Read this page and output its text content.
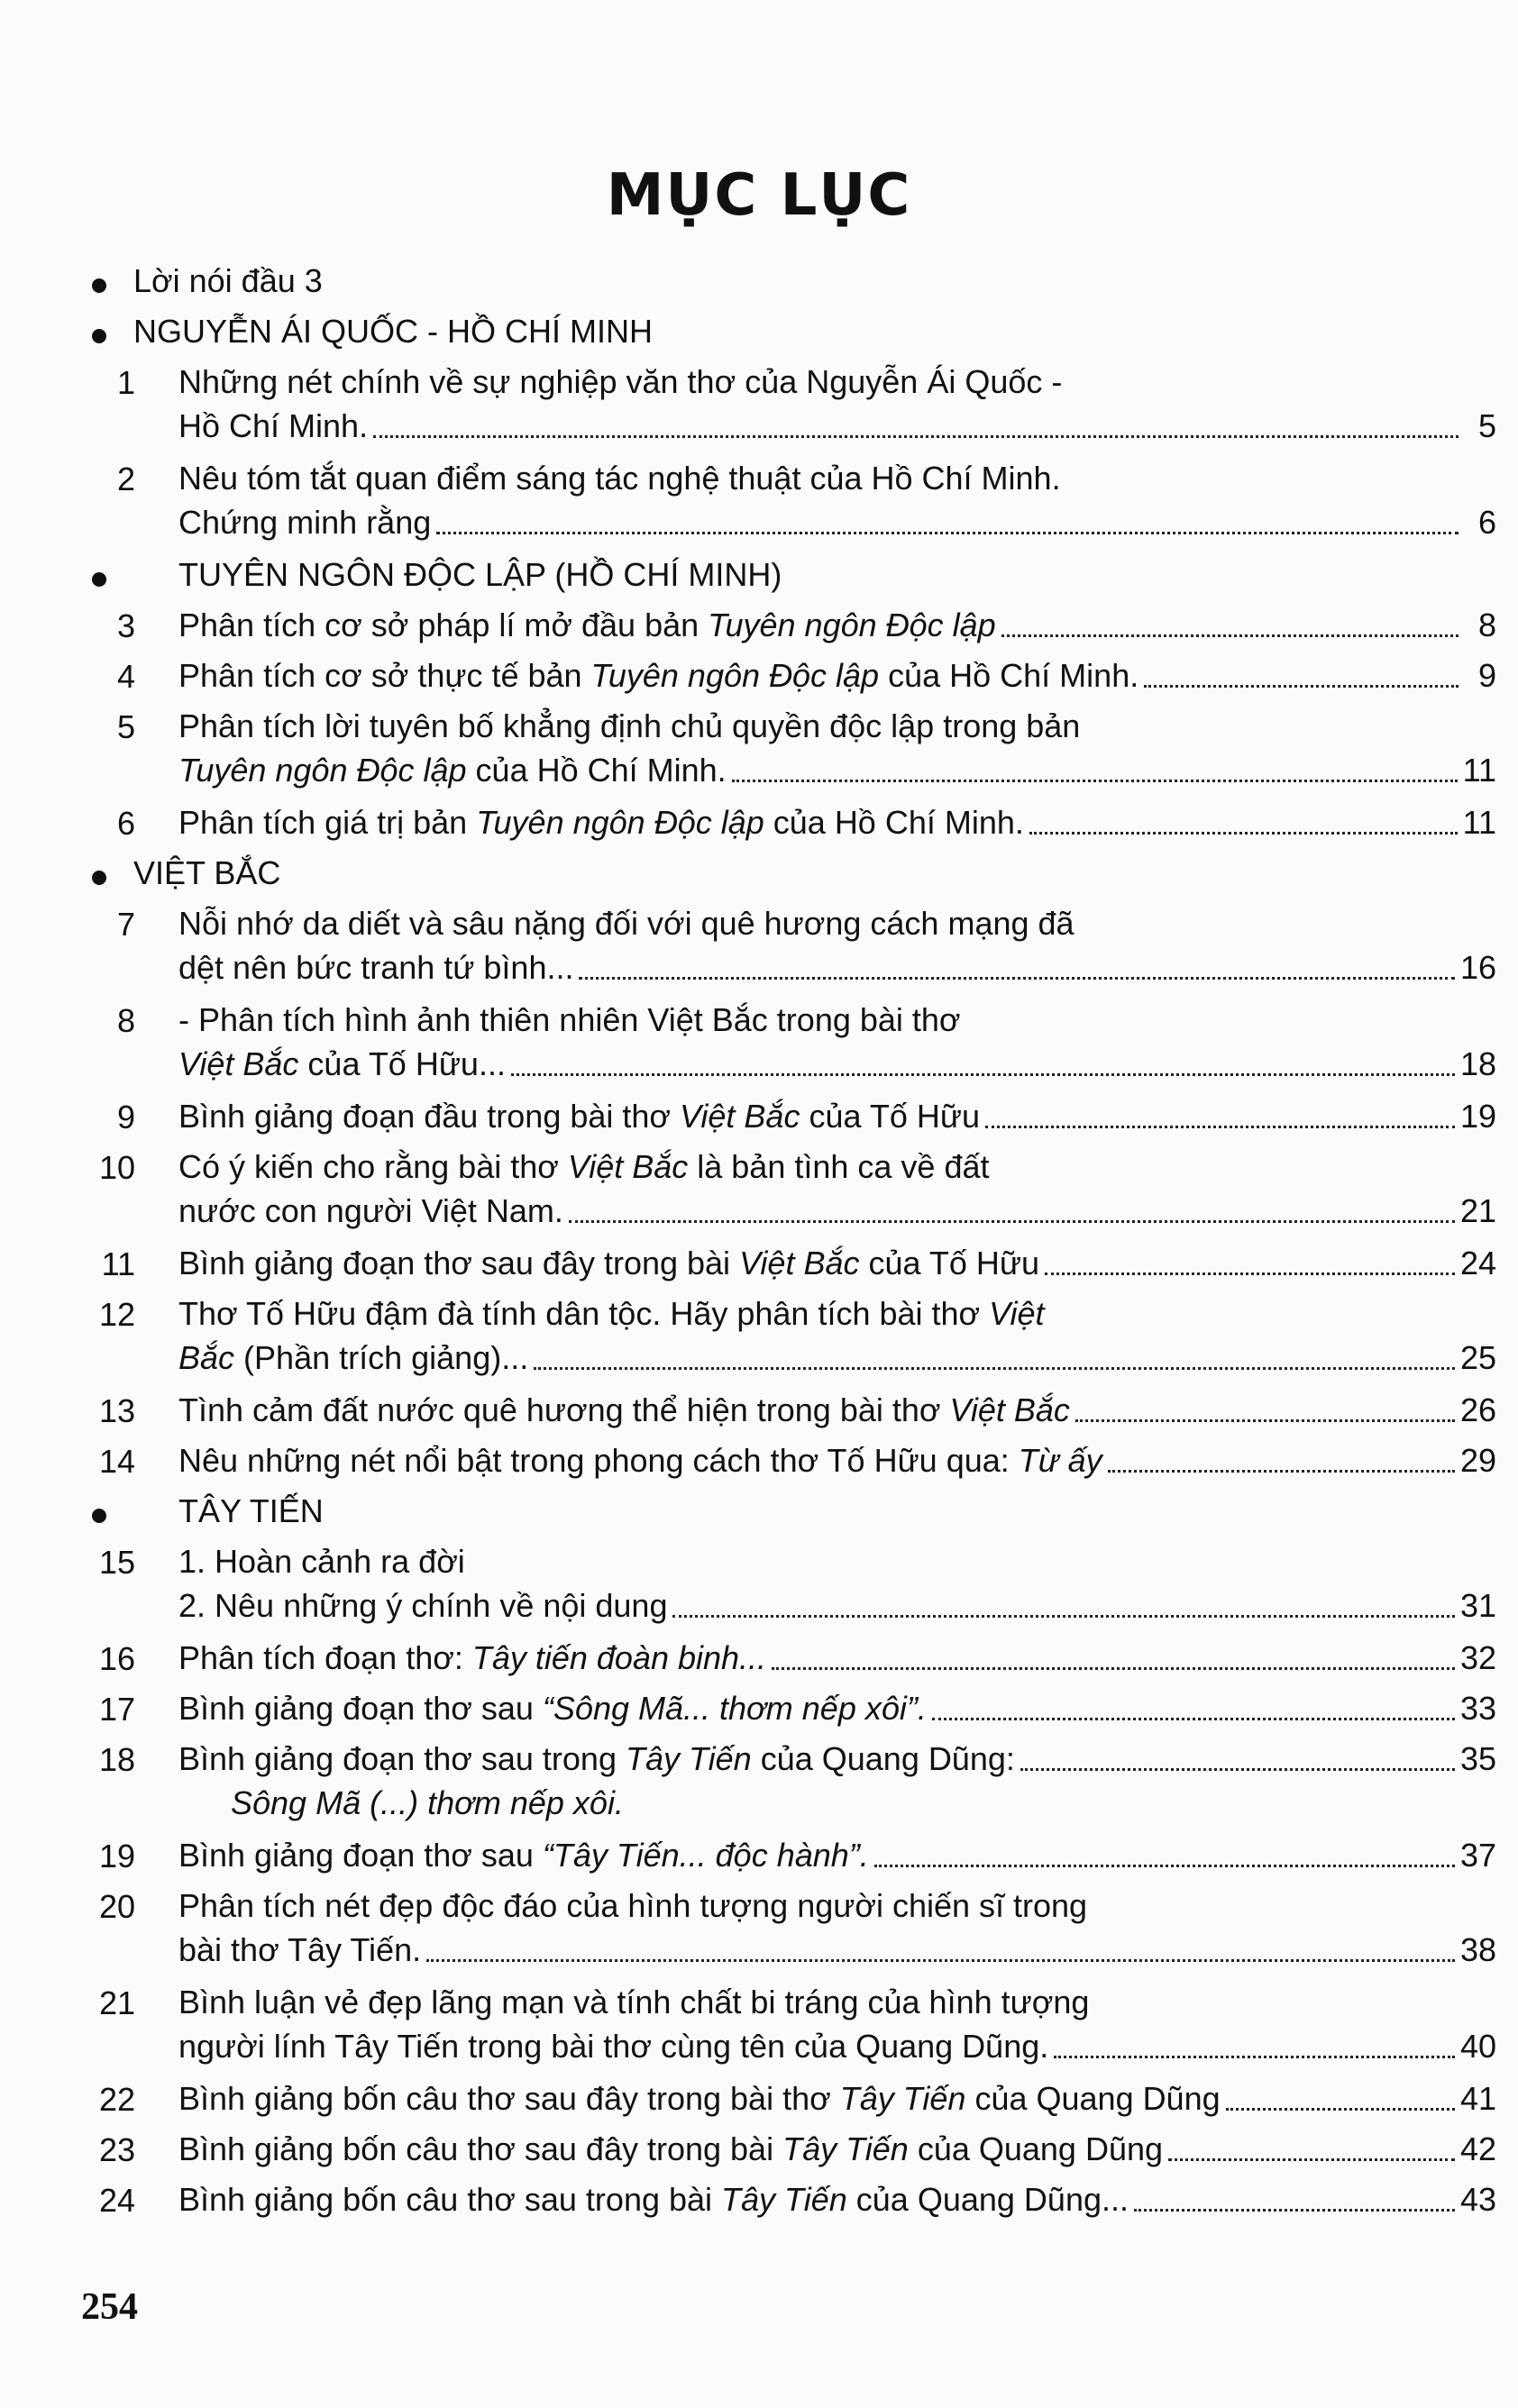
MỤC LỤC
Lời nói đầu 3
NGUYỄN ÁI QUỐC - HỒ CHÍ MINH
1 Những nét chính về sự nghiệp văn thơ của Nguyễn Ái Quốc -
Hồ Chí Minh.	5
2 Nêu tóm tắt quan điểm sáng tác nghệ thuật của Hồ Chí Minh.
Chứng minh rằng	6
TUYÊN NGÔN ĐỘC LẬP (HỒ CHÍ MINH)
3 Phân tích cơ sở pháp lí mở đầu bản Tuyên ngôn Độc lập	8
4 Phân tích cơ sở thực tế bản Tuyên ngôn Độc lập của Hồ Chí Minh.	9
5 Phân tích lời tuyên bố khẳng định chủ quyền độc lập trong bản
Tuyên ngôn Độc lập của Hồ Chí Minh.	11
6 Phân tích giá trị bản Tuyên ngôn Độc lập của Hồ Chí Minh.	11
VIỆT BẮC
7 Nỗi nhớ da diết và sâu nặng đối với quê hương cách mạng đã
dệt nên bức tranh tứ bình...	16
8 - Phân tích hình ảnh thiên nhiên Việt Bắc trong bài thơ
Việt Bắc của Tố Hữu...	18
9 Bình giảng đoạn đầu trong bài thơ Việt Bắc của Tố Hữu	19
10 Có ý kiến cho rằng bài thơ Việt Bắc là bản tình ca về đất
nước con người Việt Nam.	21
11 Bình giảng đoạn thơ sau đây trong bài Việt Bắc của Tố Hữu	24
12 Thơ Tố Hữu đậm đà tính dân tộc. Hãy phân tích bài thơ Việt
Bắc (Phần trích giảng)...	25
13 Tình cảm đất nước quê hương thể hiện trong bài thơ Việt Bắc	26
14 Nêu những nét nổi bật trong phong cách thơ Tố Hữu qua: Từ ấy	29
TÂY TIẾN
15 1. Hoàn cảnh ra đời
2. Nêu những ý chính về nội dung	31
16 Phân tích đoạn thơ: Tây tiến đoàn binh...	32
17 Bình giảng đoạn thơ sau “Sông Mã... thơm nếp xôi”.	33
18 Bình giảng đoạn thơ sau trong Tây Tiến của Quang Dũng:	35
Sông Mã (...) thơm nếp xôi.
19 Bình giảng đoạn thơ sau “Tây Tiến... độc hành”.	37
20 Phân tích nét đẹp độc đáo của hình tượng người chiến sĩ trong
bài thơ Tây Tiến.	38
21 Bình luận vẻ đẹp lãng mạn và tính chất bi tráng của hình tượng
người lính Tây Tiến trong bài thơ cùng tên của Quang Dũng.	40
22 Bình giảng bốn câu thơ sau đây trong bài thơ Tây Tiến của Quang Dũng	41
23 Bình giảng bốn câu thơ sau đây trong bài Tây Tiến của Quang Dũng	42
24 Bình giảng bốn câu thơ sau trong bài Tây Tiến của Quang Dũng...	43
254
